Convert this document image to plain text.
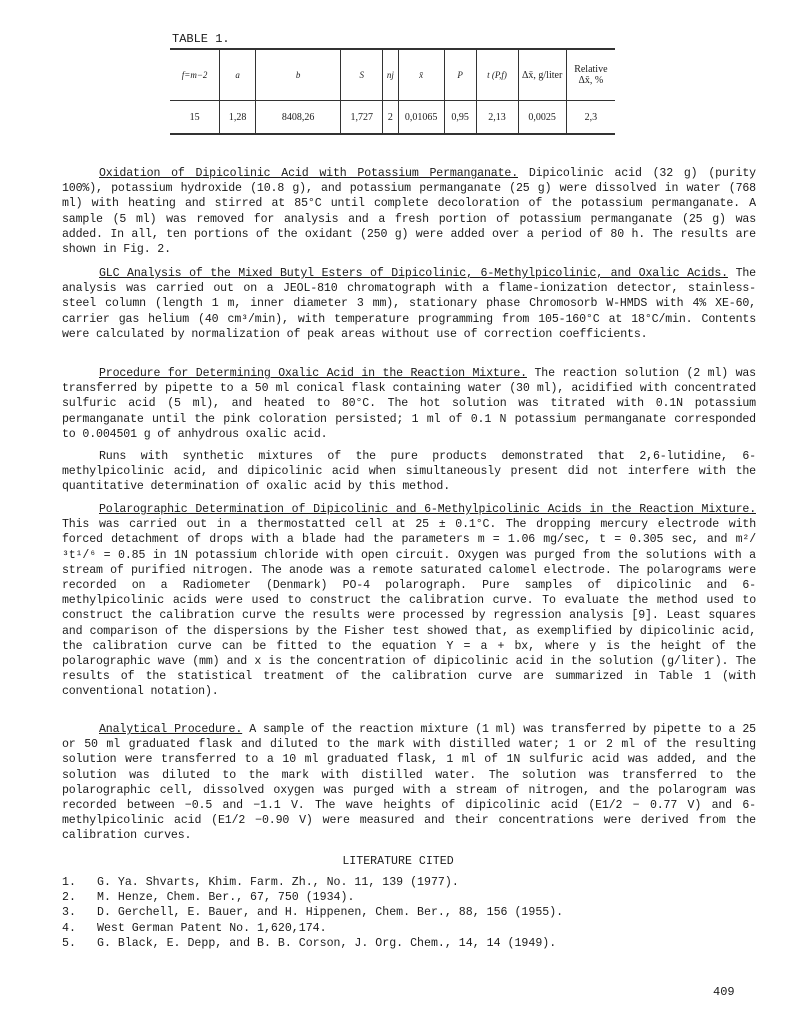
TABLE 1.
f=m−2	a	b	S	nj	x̄	P	t (P,f)	Δx̄, g/liter	Relative Δx̄, %
15	1,28	8408,26	1,727	2	0,01065	0,95	2,13	0,0025	2,3

Oxidation of Dipicolinic Acid with Potassium Permanganate. Dipicolinic acid (32 g) (purity 100%), potassium hydroxide (10.8 g), and potassium permanganate (25 g) were dissolved in water (768 ml) with heating and stirred at 85°C until complete decoloration of the potassium permanganate. A sample (5 ml) was removed for analysis and a fresh portion of potassium permanganate (25 g) was added. In all, ten portions of the oxidant (250 g) were added over a period of 80 h. The results are shown in Fig. 2.

GLC Analysis of the Mixed Butyl Esters of Dipicolinic, 6-Methylpicolinic, and Oxalic Acids. The analysis was carried out on a JEOL-810 chromatograph with a flame-ionization detector, stainless-steel column (length 1 m, inner diameter 3 mm), stationary phase Chromosorb W-HMDS with 4% XE-60, carrier gas helium (40 cm³/min), with temperature programming from 105-160°C at 18°C/min. Contents were calculated by normalization of peak areas without use of correction coefficients.

Procedure for Determining Oxalic Acid in the Reaction Mixture. The reaction solution (2 ml) was transferred by pipette to a 50 ml conical flask containing water (30 ml), acidified with concentrated sulfuric acid (5 ml), and heated to 80°C. The hot solution was titrated with 0.1N potassium permanganate until the pink coloration persisted; 1 ml of 0.1 N potassium permanganate corresponded to 0.004501 g of anhydrous oxalic acid.

Runs with synthetic mixtures of the pure products demonstrated that 2,6-lutidine, 6-methylpicolinic acid, and dipicolinic acid when simultaneously present did not interfere with the quantitative determination of oxalic acid by this method.

Polarographic Determination of Dipicolinic and 6-Methylpicolinic Acids in the Reaction Mixture. This was carried out in a thermostatted cell at 25 ± 0.1°C. The dropping mercury electrode with forced detachment of drops with a blade had the parameters m = 1.06 mg/sec, t = 0.305 sec, and m²/³t¹/⁶ = 0.85 in 1N potassium chloride with open circuit. Oxygen was purged from the solutions with a stream of purified nitrogen. The anode was a remote saturated calomel electrode. The polarograms were recorded on a Radiometer (Denmark) PO-4 polarograph. Pure samples of dipicolinic and 6-methylpicolinic acids were used to construct the calibration curve. To evaluate the method used to construct the calibration curve the results were processed by regression analysis [9]. Least squares and comparison of the dispersions by the Fisher test showed that, as exemplified by dipicolinic acid, the calibration curve can be fitted to the equation Y = a + bx, where y is the height of the polarographic wave (mm) and x is the concentration of dipicolinic acid in the solution (g/liter). The results of the statistical treatment of the calibration curve are summarized in Table 1 (with conventional notation).

Analytical Procedure. A sample of the reaction mixture (1 ml) was transferred by pipette to a 25 or 50 ml graduated flask and diluted to the mark with distilled water; 1 or 2 ml of the resulting solution were transferred to a 10 ml graduated flask, 1 ml of 1N sulfuric acid was added, and the solution was diluted to the mark with distilled water. The solution was transferred to the polarographic cell, dissolved oxygen was purged with a stream of nitrogen, and the polarogram was recorded between −0.5 and −1.1 V. The wave heights of dipicolinic acid (E1/2 − 0.77 V) and 6-methylpicolinic acid (E1/2 −0.90 V) were measured and their concentrations were derived from the calibration curves.

LITERATURE CITED
1.	G. Ya. Shvarts, Khim. Farm. Zh., No. 11, 139 (1977).
2.	M. Henze, Chem. Ber., 67, 750 (1934).
3.	D. Gerchell, E. Bauer, and H. Hippenen, Chem. Ber., 88, 156 (1955).
4.	West German Patent No. 1,620,174.
5.	G. Black, E. Depp, and B. B. Corson, J. Org. Chem., 14, 14 (1949).
409
